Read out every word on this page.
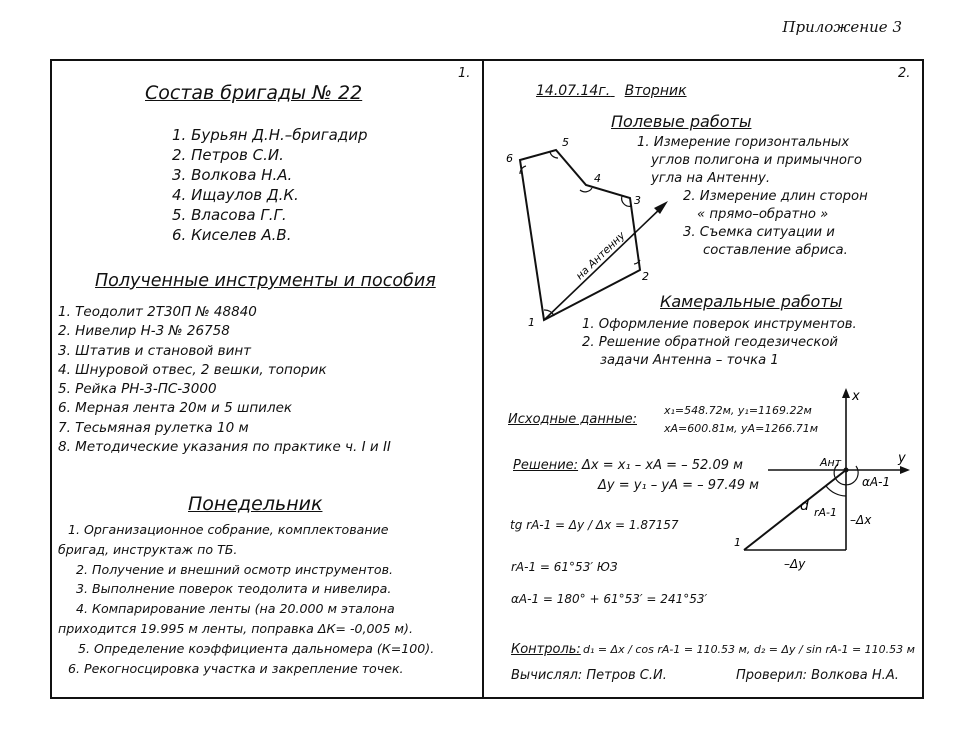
Приложение 3
1.
Состав бригады № 22
1. Бурьян Д.Н.–бригадир
2. Петров С.И.
3. Волкова Н.А.
4. Ищаулов Д.К.
5. Власова Г.Г.
6. Киселев А.В.
Полученные инструменты и пособия
1. Теодолит 2Т30П № 48840
2. Нивелир Н-3 № 26758
3. Штатив и становой винт
4. Шнуровой отвес, 2 вешки, топорик
5. Рейка РН-3-ПС-3000
6. Мерная лента 20м и 5 шпилек
7. Тесьмяная рулетка 10 м
8. Методические указания по практике ч. I и II
Понедельник
1. Организационное собрание, комплектование
бригад, инструктаж по ТБ.
2. Получение и внешний осмотр инструментов.
3. Выполнение поверок теодолита и нивелира.
4. Компарирование ленты (на 20.000 м эталона
приходится 19.995 м ленты, поправка ΔК= -0,005 м).
5. Определение коэффициента дальномера (К=100).
6. Рекогносцировка участка и закрепление точек.
2.
14.07.14г. Вторник
Полевые работы
1. Измерение горизонтальных
углов полигона и примычного
угла на Антенну.
2. Измерение длин сторон
« прямо–обратно »
3. Съемка ситуации и
составление абриса.
6
5
4
3
2
1
на Антенну
Камеральные работы
1. Оформление поверок инструментов.
2. Решение обратной геодезической
задачи Антенна – точка 1
Исходные данные:
x₁=548.72м, y₁=1169.22м
xA=600.81м, yA=1266.71м
Решение: Δx = x₁ – xA = – 52.09 м
Δy = y₁ – yA = – 97.49 м
tg rA-1 = Δy / Δx = 1.87157
rA-1 = 61°53′ ЮЗ
αA-1 = 180° + 61°53′ = 241°53′
x
y
Ант
αA-1
d rA-1
–Δx
–Δy
1
Контроль: d₁ = Δx / cos rA-1 = 110.53 м, d₂ = Δy / sin rA-1 = 110.53 м
Вычислял: Петров С.И.	Проверил: Волкова Н.А.
